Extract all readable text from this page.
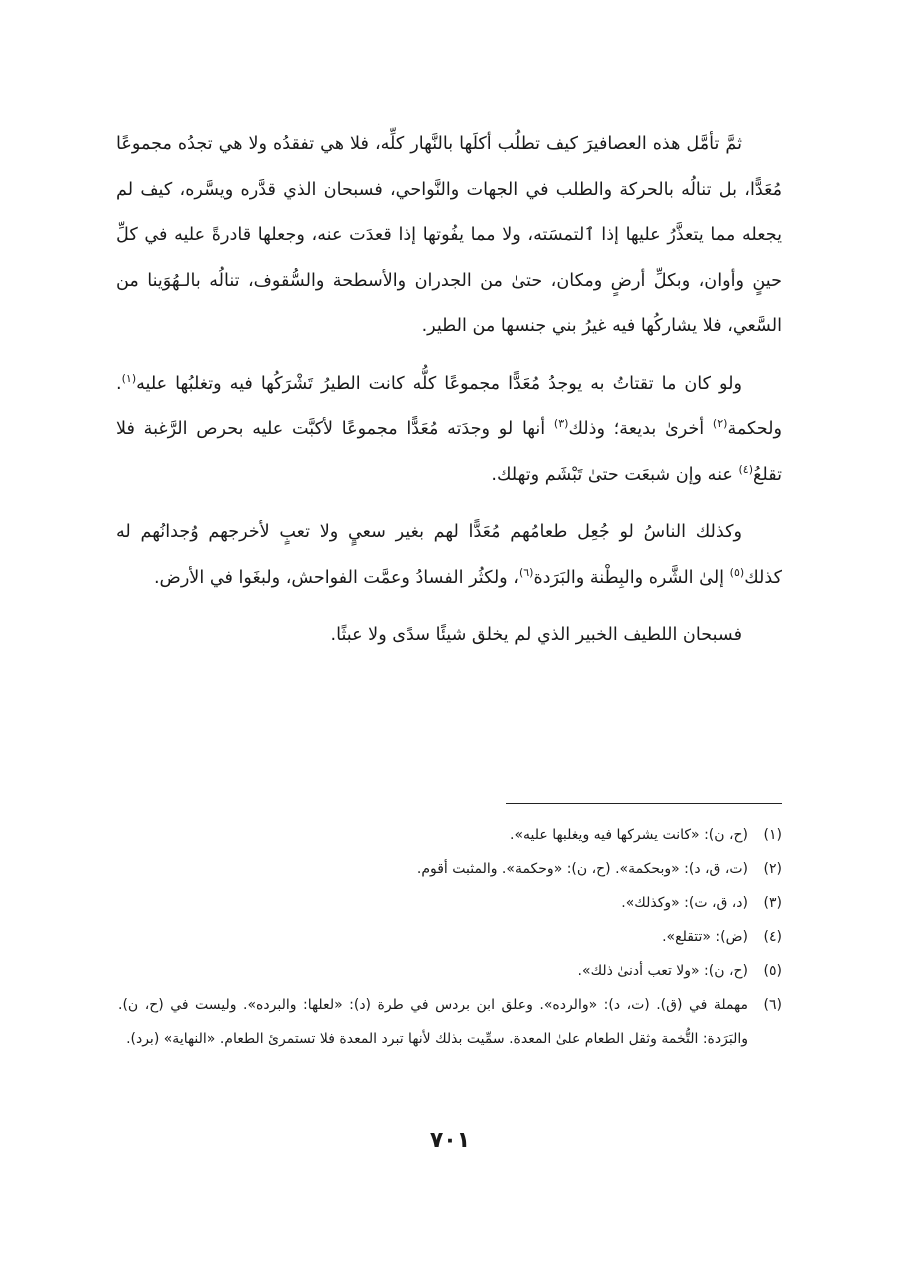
ثمَّ تأمَّل هذه العصافيرَ كيف تطلُب أكلَها بالنَّهار كلِّه، فلا هي تفقدُه ولا هي تجدُه مجموعًا مُعَدًّا، بل تنالُه بالحركة والطلب في الجهات والنَّواحي، فسبحان الذي قدَّره ويسَّره، كيف لم يجعله مما يتعذَّرُ عليها إذا ٱلتمسَته، ولا مما يفُوتها إذا قعدَت عنه، وجعلها قادرةً عليه في كلِّ حينٍ وأوان، وبكلِّ أرضٍ ومكان، حتىٰ من الجدران والأسطحة والسُّقوف، تنالُه بالـهُوَينا من السَّعي، فلا يشاركُها فيه غيرُ بني جنسها من الطير.

ولو كان ما تقتاتُ به يوجدُ مُعَدًّا مجموعًا كلُّه كانت الطيرُ تَشْرَكُها فيه وتغلبُها عليه$^{(١)}$. ولحكمة$^{(٢)}$ أخرىٰ بديعة؛ وذلك$^{(٣)}$ أنها لو وجدَته مُعَدًّا مجموعًا لأكبَّت عليه بحرص الرَّغبة فلا تقلعُ$^{(٤)}$ عنه وإن شبعَت حتىٰ تَبْشَم وتهلك.

وكذلك الناسُ لو جُعِل طعامُهم مُعَدًّا لهم بغير سعيٍ ولا تعبٍ لأخرجهم وُجدانُهم له كذلك$^{(٥)}$ إلىٰ الشَّره والبِطْنة والبَرَدة$^{(٦)}$، ولكثُر الفسادُ وعمَّت الفواحش، ولبغَوا في الأرض.

فسبحان اللطيف الخبير الذي لم يخلق شيئًا سدًى ولا عبثًا.

(١)
(ح، ن): «كانت يشركها فيه ويغلبها عليه».
(٢)
(ت، ق، د): «وبحكمة». (ح، ن): «وحكمة». والمثبت أقوم.
(٣)
(د، ق، ت): «وكذلك».
(٤)
(ض): «تتقلع».
(٥)
(ح، ن): «ولا تعب أدنىٰ ذلك».
(٦)
مهملة في (ق). (ت، د): «والرده». وعلق ابن بردس في طرة (د): «لعلها: والبرده». وليست في (ح، ن). والبَرَدة: التُّخمة وثقل الطعام علىٰ المعدة. سمِّيت بذلك لأنها تبرد المعدة فلا تستمرئ الطعام. «النهاية» (برد).
٧٠١
